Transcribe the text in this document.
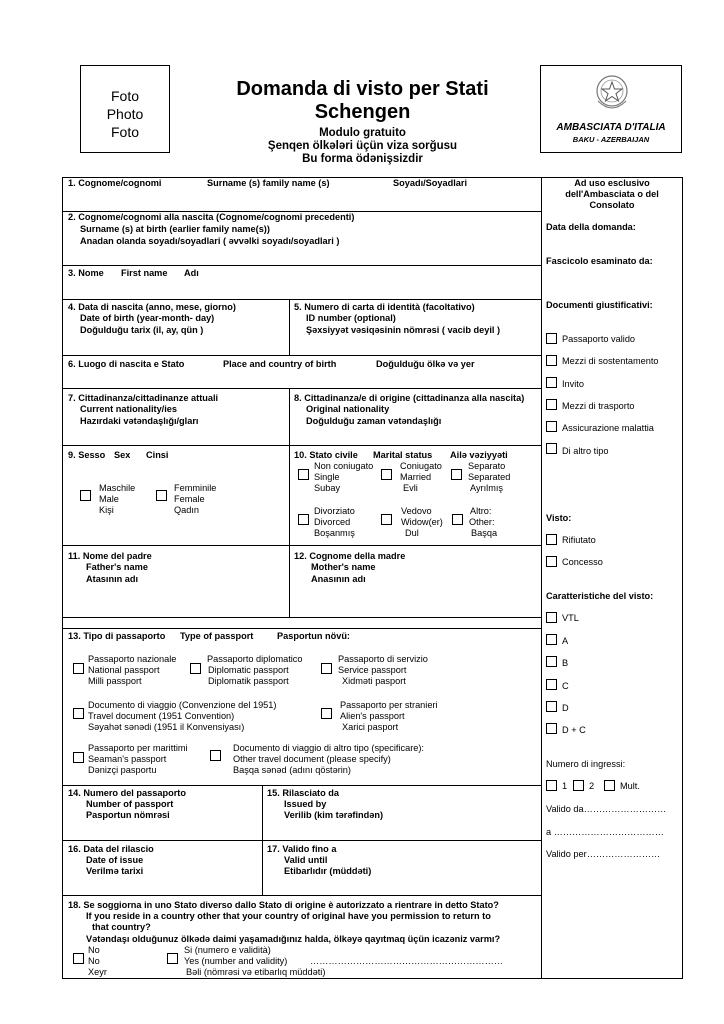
Foto
Photo
Foto
Domanda di visto per Stati
Schengen
Modulo gratuito
Şenqen ölkələri üçün viza sorğusu
Bu forma ödənişsizdir
AMBASCIATA D'ITALIA
BAKU - AZERBAIJAN
1. Cognome/cognomi	Surname (s) family name (s)	Soyadı/Soyadlari
2. Cognome/cognomi alla nascita (Cognome/cognomi precedenti)
Surname (s) at birth (earlier family name(s))
Anadan olanda soyadı/soyadlari ( əvvəlki soyadı/soyadlari )
3. Nome First name Adı
4. Data di nascita (anno, mese, giorno)
Date of birth (year-month- day)
Doğulduğu tarix (il, ay, qün )
5. Numero di carta di identità (facoltativo)
ID number (optional)
Şəxsiyyət vəsiqəsinin nömrəsi ( vacib deyil )
6. Luogo di nascita e Stato	Place and country of birth	Doğulduğu ölkə və yer
7. Cittadinanza/cittadinanze attuali
Current nationality/ies
Hazırdaki vətəndaşlığı/gları
8. Cittadinanza/e di origine (cittadinanza alla nascita)
Original nationality
Doğulduğu zaman vətəndaşlığı
9. Sesso Sex Cinsi
Maschile
Male
Kişi
Femminile
Female
Qadın
10. Stato civile Marital status Ailə vəziyyəti
Non coniugato
Single
Subay
Coniugato
Married
Evli
Separato
Separated
Ayrılmış
Divorziato
Divorced
Boşanmış
Vedovo
Widow(er)
Dul
Altro:
Other:
Başqa
11. Nome del padre
Father's name
Atasının adı
12. Cognome della madre
Mother's name
Anasının adı
13. Tipo di passaporto Type of passport	Pasportun növü:
Passaporto nazionale
National passport
Milli passport
Passaporto diplomatico
Diplomatic passport
Diplomatik passport
Passaporto di servizio
Service passport
Xidməti pasport
Documento di viaggio (Convenzione del 1951)
Travel document (1951 Convention)
Səyahət sənədi (1951 il Konvensiyası)
Passaporto per stranieri
Alien's passport
Xarici pasport
Passaporto per marittimi
Seaman's passport
Dənizçi pasportu
Documento di viaggio di altro tipo (specificare):
Other travel document (please specify)
Başqa sənəd (adını qöstərin)
14. Numero del passaporto
Number of passport
Pasportun nömrəsi
15. Rilasciato da
Issued by
Verilib (kim tərəfindən)
16. Data del rilascio
Date of issue
Verilmə tarixi
17. Valido fino a
Valid until
Etibarlıdır (müddəti)
18. Se soggiorna in uno Stato diverso dallo Stato di origine è autorizzato a rientrare in detto Stato?
If you reside in a country other that your country of original have you permission to return to
that country?
Vətəndaşı olduğunuz ölkədə daimi yaşamadığınız halda, ölkəyə qayıtmaq üçün icazəniz varmı?
No
No
Xeyr
Si (numero e validità)
Yes (number and validity)
Bəli (nömrəsi və etibarlıq müddəti)
………………………………………………………
Ad uso esclusivo
dell'Ambasciata o del
Consolato
Data della domanda:
Fascicolo esaminato da:
Documenti giustificativi:
Passaporto valido
Mezzi di sostentamento
Invito
Mezzi di trasporto
Assicurazione malattia
Di altro tipo
Visto:
Rifiutato
Concesso
Caratteristiche del visto:
VTL
A
B
C
D
D + C
Numero di ingressi:
1 2	Mult.
Valido da………………………
a ………………………………
Valido per……………………
